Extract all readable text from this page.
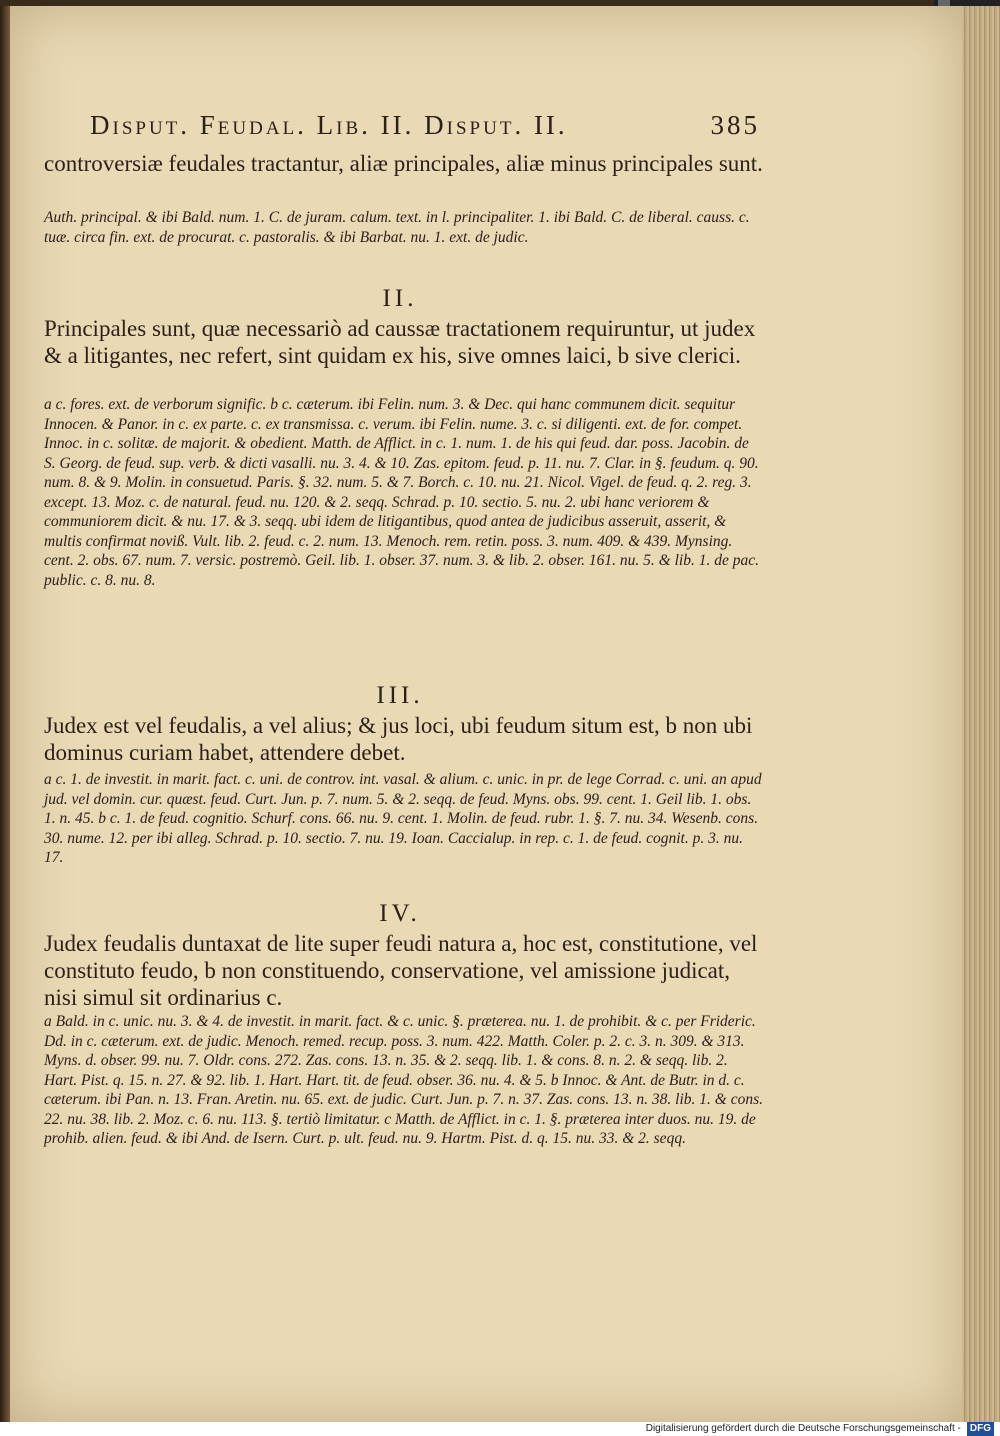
Disput. Feudal. Lib. II. Disput. II.	385
controversiæ feudales tractantur, aliæ principales, aliæ minus principales sunt.
Auth. principal. & ibi Bald. num. 1. C. de juram. calum. text. in l. principaliter. 1. ibi Bald. C. de liberal. causs. c. tuæ. circa fin. ext. de procurat. c. pastoralis. & ibi Barbat. nu. 1. ext. de judic.
II.
Principales sunt, quæ necessariò ad caussæ tractationem requiruntur, ut judex & a litigantes, nec refert, sint quidam ex his, sive omnes laici, b sive clerici.
a c. fores. ext. de verborum signific. b c. cæterum. ibi Felin. num. 3. & Dec. qui hanc communem dicit. sequitur Innocen. & Panor. in c. ex parte. c. ex transmissa. c. verum. ibi Felin. nume. 3. c. si diligenti. ext. de for. compet. Innoc. in c. solitæ. de majorit. & obedient. Matth. de Afflict. in c. 1. num. 1. de his qui feud. dar. poss. Jacobin. de S. Georg. de feud. sup. verb. & dicti vasalli. nu. 3. 4. & 10. Zas. epitom. feud. p. 11. nu. 7. Clar. in §. feudum. q. 90. num. 8. & 9. Molin. in consuetud. Paris. §. 32. num. 5. & 7. Borch. c. 10. nu. 21. Nicol. Vigel. de feud. q. 2. reg. 3. except. 13. Moz. c. de natural. feud. nu. 120. & 2. seqq. Schrad. p. 10. sectio. 5. nu. 2. ubi hanc veriorem & communiorem dicit. & nu. 17. & 3. seqq. ubi idem de litigantibus, quod antea de judicibus asseruit, asserit, & multis confirmat noviß. Vult. lib. 2. feud. c. 2. num. 13. Menoch. rem. retin. poss. 3. num. 409. & 439. Mynsing. cent. 2. obs. 67. num. 7. versic. postremò. Geil. lib. 1. obser. 37. num. 3. & lib. 2. obser. 161. nu. 5. & lib. 1. de pac. public. c. 8. nu. 8.
III.
Judex est vel feudalis, a vel alius; & jus loci, ubi feudum situm est, b non ubi dominus curiam habet, attendere debet.
a c. 1. de investit. in marit. fact. c. uni. de controv. int. vasal. & alium. c. unic. in pr. de lege Corrad. c. uni. an apud jud. vel domin. cur. quæst. feud. Curt. Jun. p. 7. num. 5. & 2. seqq. de feud. Myns. obs. 99. cent. 1. Geil lib. 1. obs. 1. n. 45. b c. 1. de feud. cognitio. Schurf. cons. 66. nu. 9. cent. 1. Molin. de feud. rubr. 1. §. 7. nu. 34. Wesenb. cons. 30. nume. 12. per ibi alleg. Schrad. p. 10. sectio. 7. nu. 19. Ioan. Caccialup. in rep. c. 1. de feud. cognit. p. 3. nu. 17.
IV.
Judex feudalis duntaxat de lite super feudi natura a, hoc est, constitutione, vel constituto feudo, b non constituendo, conservatione, vel amissione judicat, nisi simul sit ordinarius c.
a Bald. in c. unic. nu. 3. & 4. de investit. in marit. fact. & c. unic. §. præterea. nu. 1. de prohibit. & c. per Frideric. Dd. in c. cæterum. ext. de judic. Menoch. remed. recup. poss. 3. num. 422. Matth. Coler. p. 2. c. 3. n. 309. & 313. Myns. d. obser. 99. nu. 7. Oldr. cons. 272. Zas. cons. 13. n. 35. & 2. seqq. lib. 1. & cons. 8. n. 2. & seqq. lib. 2. Hart. Pist. q. 15. n. 27. & 92. lib. 1. Hart. Hart. tit. de feud. obser. 36. nu. 4. & 5. b Innoc. & Ant. de Butr. in d. c. cæterum. ibi Pan. n. 13. Fran. Aretin. nu. 65. ext. de judic. Curt. Jun. p. 7. n. 37. Zas. cons. 13. n. 38. lib. 1. & cons. 22. nu. 38. lib. 2. Moz. c. 6. nu. 113. §. tertiò limitatur. c Matth. de Afflict. in c. 1. §. præterea inter duos. nu. 19. de prohib. alien. feud. & ibi And. de Isern. Curt. p. ult. feud. nu. 9. Hartm. Pist. d. q. 15. nu. 33. & 2. seqq.
Digitalisierung gefördert durch die Deutsche Forschungsgemeinschaft - DFG
